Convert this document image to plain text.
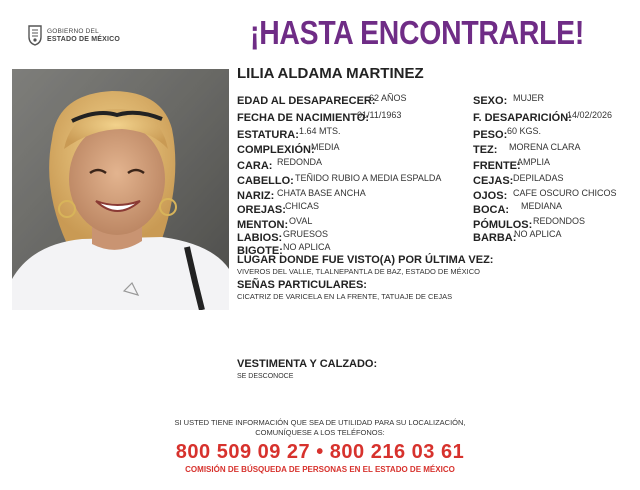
GOBIERNO DEL
ESTADO DE MÉXICO	¡HASTA ENCONTRARLE!
LILIA ALDAMA MARTINEZ
EDAD AL DESAPARECER:
62 AÑOS
FECHA DE NACIMIENTO:
01/11/1963
ESTATURA: 1.64 MTS.
COMPLEXIÓN:
MEDIA
CARA: REDONDA
CABELLO: TEÑIDO RUBIO A MEDIA ESPALDA
NARIZ: CHATA BASE ANCHA
OREJAS: CHICAS
MENTON: OVAL
LABIOS: GRUESOS
BIGOTE: NO APLICA
SEXO: MUJER
F. DESAPARICIÓN:
14/02/2026
PESO: 60 KGS.
TEZ: MORENA CLARA
FRENTE:
AMPLIA
CEJAS: DEPILADAS
OJOS: CAFE OSCURO CHICOS
BOCA: MEDIANA
PÓMULOS: REDONDOS
BARBA:
NO APLICA
LUGAR DONDE FUE VISTO(A) POR ÚLTIMA VEZ:
VIVEROS DEL VALLE, TLALNEPANTLA DE BAZ, ESTADO DE MÉXICO
SEÑAS PARTICULARES:
CICATRIZ DE VARICELA EN LA FRENTE, TATUAJE DE CEJAS
VESTIMENTA Y CALZADO:
SE DESCONOCE
SI USTED TIENE INFORMACIÓN QUE SEA DE UTILIDAD PARA SU LOCALIZACIÓN,
COMUNÍQUESE A LOS TELÉFONOS:
800 509 09 27 • 800 216 03 61
COMISIÓN DE BÚSQUEDA DE PERSONAS EN EL ESTADO DE MÉXICO
